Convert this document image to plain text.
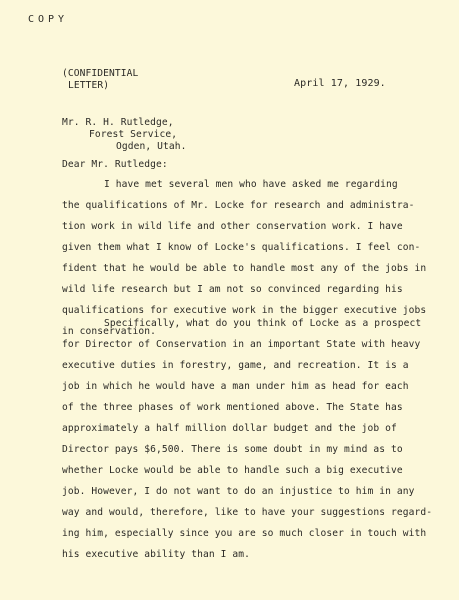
COPY
(CONFIDENTIAL
LETTER)	April 17, 1929.
Mr. R. H. Rutledge,
Forest Service,
Ogden, Utah.
Dear Mr. Rutledge:
I have met several men who have asked me regarding
the qualifications of Mr. Locke for research and administra-
tion work in wild life and other conservation work. I have
given them what I know of Locke's qualifications. I feel con-
fident that he would be able to handle most any of the jobs in
wild life research but I am not so convinced regarding his
qualifications for executive work in the bigger executive jobs
in conservation.
Specifically, what do you think of Locke as a prospect
for Director of Conservation in an important State with heavy
executive duties in forestry, game, and recreation. It is a
job in which he would have a man under him as head for each
of the three phases of work mentioned above. The State has
approximately a half million dollar budget and the job of
Director pays $6,500. There is some doubt in my mind as to
whether Locke would be able to handle such a big executive
job. However, I do not want to do an injustice to him in any
way and would, therefore, like to have your suggestions regard-
ing him, especially since you are so much closer in touch with
his executive ability than I am.
